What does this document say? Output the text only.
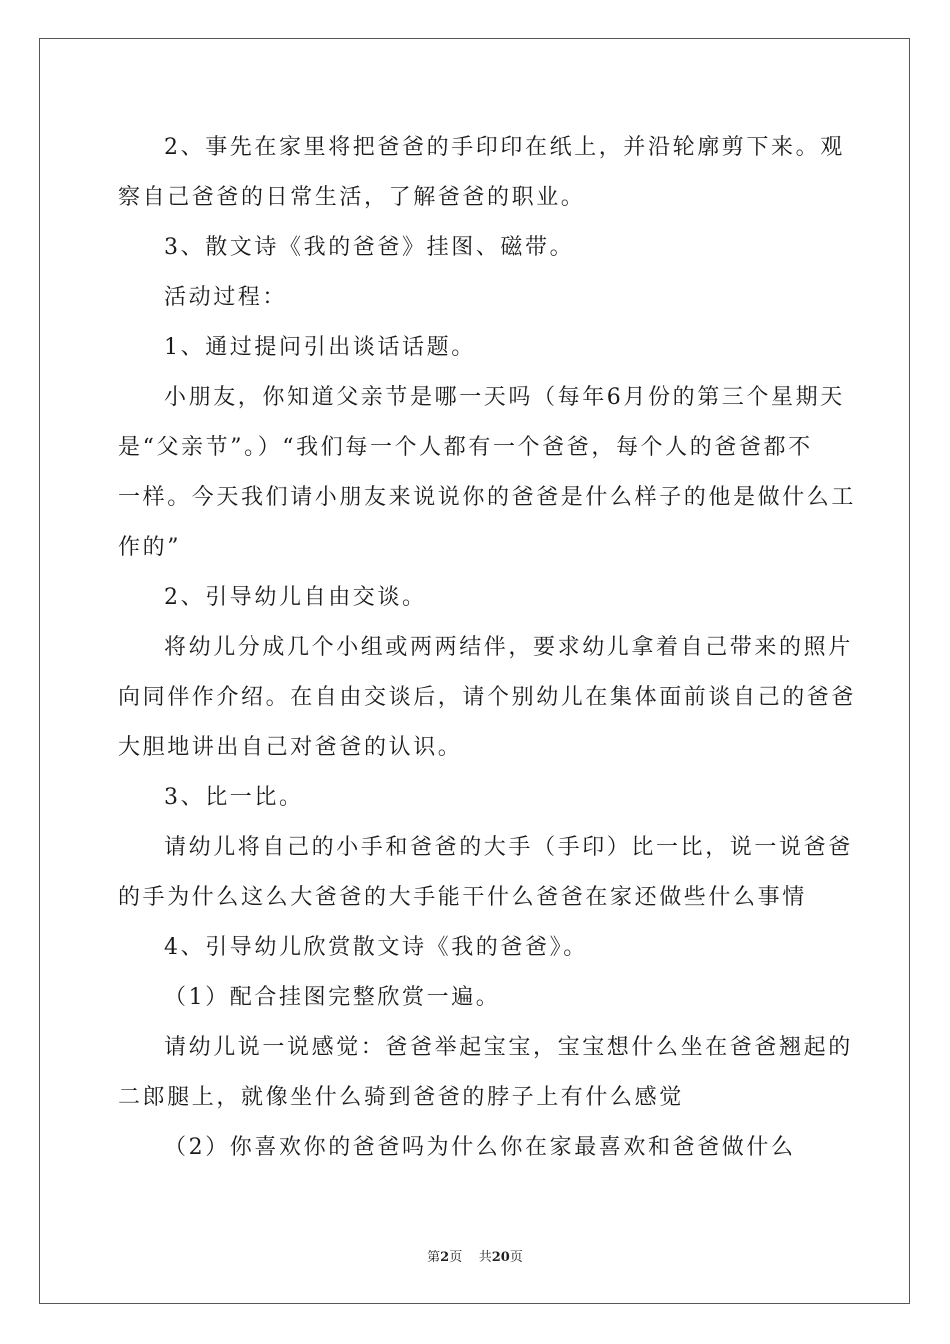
2、事先在家里将把爸爸的手印印在纸上，并沿轮廓剪下来。观
察自己爸爸的日常生活，了解爸爸的职业。
3、散文诗《我的爸爸》挂图、磁带。
活动过程：
1、通过提问引出谈话话题。
小朋友，你知道父亲节是哪一天吗（每年6月份的第三个星期天
是“父亲节”。）“我们每一个人都有一个爸爸，每个人的爸爸都不
一样。今天我们请小朋友来说说你的爸爸是什么样子的他是做什么工
作的”
2、引导幼儿自由交谈。
将幼儿分成几个小组或两两结伴，要求幼儿拿着自己带来的照片
向同伴作介绍。在自由交谈后，请个别幼儿在集体面前谈自己的爸爸
大胆地讲出自己对爸爸的认识。
3、比一比。
请幼儿将自己的小手和爸爸的大手（手印）比一比，说一说爸爸
的手为什么这么大爸爸的大手能干什么爸爸在家还做些什么事情
4、引导幼儿欣赏散文诗《我的爸爸》。
（1）配合挂图完整欣赏一遍。
请幼儿说一说感觉：爸爸举起宝宝，宝宝想什么坐在爸爸翘起的
二郎腿上，就像坐什么骑到爸爸的脖子上有什么感觉
（2）你喜欢你的爸爸吗为什么你在家最喜欢和爸爸做什么
第2页 共20页
